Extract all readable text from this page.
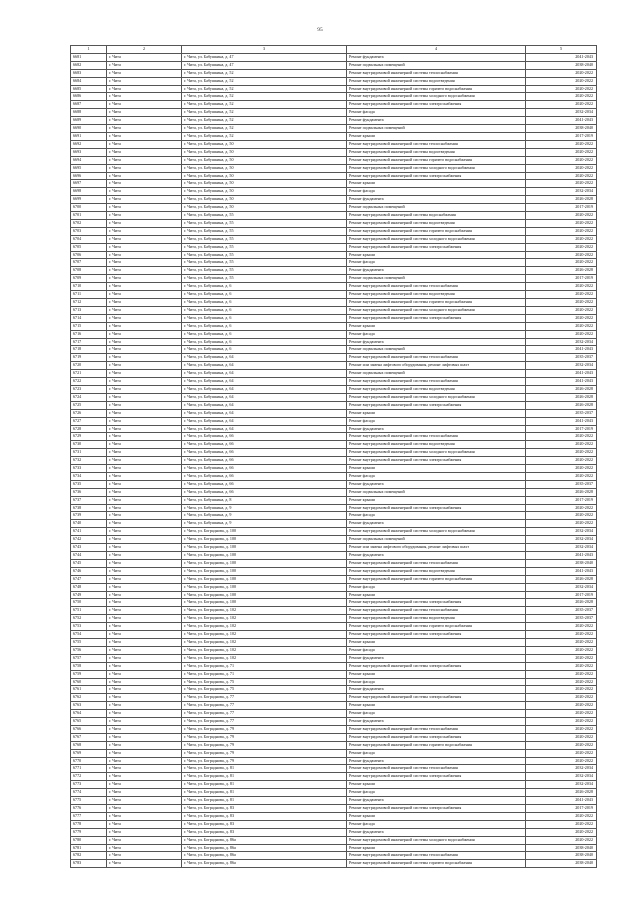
95
1	2	3	4	5
6681	г. Чита	г. Чита, ул. Бабушкина, д. 47	Ремонт фундамента	2041-2043
6682	г. Чита	г. Чита, ул. Бабушкина, д. 47	Ремонт подвальных помещений	2038-2040
6683	г. Чита	г. Чита, ул. Бабушкина, д. 52	Ремонт внутридомовой инженерной системы теплоснабжения	2020-2022
6684	г. Чита	г. Чита, ул. Бабушкина, д. 52	Ремонт внутридомовой инженерной системы водоотведения	2020-2022
6685	г. Чита	г. Чита, ул. Бабушкина, д. 52	Ремонт внутридомовой инженерной системы горячего водоснабжения	2020-2022
6686	г. Чита	г. Чита, ул. Бабушкина, д. 52	Ремонт внутридомовой инженерной системы холодного водоснабжения	2020-2022
6687	г. Чита	г. Чита, ул. Бабушкина, д. 52	Ремонт внутридомовой инженерной системы электроснабжения	2020-2022
6688	г. Чита	г. Чита, ул. Бабушкина, д. 52	Ремонт фасада	2032-2034
6689	г. Чита	г. Чита, ул. Бабушкина, д. 52	Ремонт фундамента	2041-2043
6690	г. Чита	г. Чита, ул. Бабушкина, д. 52	Ремонт подвальных помещений	2038-2040
6691	г. Чита	г. Чита, ул. Бабушкина, д. 52	Ремонт крыши	2017-2019
6692	г. Чита	г. Чита, ул. Бабушкина, д. 50	Ремонт внутридомовой инженерной системы теплоснабжения	2020-2022
6693	г. Чита	г. Чита, ул. Бабушкина, д. 50	Ремонт внутридомовой инженерной системы водоотведения	2020-2022
6694	г. Чита	г. Чита, ул. Бабушкина, д. 50	Ремонт внутридомовой инженерной системы горячего водоснабжения	2020-2022
6695	г. Чита	г. Чита, ул. Бабушкина, д. 50	Ремонт внутридомовой инженерной системы холодного водоснабжения	2020-2022
6696	г. Чита	г. Чита, ул. Бабушкина, д. 50	Ремонт внутридомовой инженерной системы электроснабжения	2020-2022
6697	г. Чита	г. Чита, ул. Бабушкина, д. 50	Ремонт крыши	2020-2022
6698	г. Чита	г. Чита, ул. Бабушкина, д. 50	Ремонт фасада	2032-2034
6699	г. Чита	г. Чита, ул. Бабушкина, д. 50	Ремонт фундамента	2026-2028
6700	г. Чита	г. Чита, ул. Бабушкина, д. 50	Ремонт подвальных помещений	2017-2019
6701	г. Чита	г. Чита, ул. Бабушкина, д. 55	Ремонт внутридомовой инженерной системы водоснабжения	2020-2022
6702	г. Чита	г. Чита, ул. Бабушкина, д. 55	Ремонт внутридомовой инженерной системы водоотведения	2020-2022
6703	г. Чита	г. Чита, ул. Бабушкина, д. 55	Ремонт внутридомовой инженерной системы горячего водоснабжения	2020-2022
6704	г. Чита	г. Чита, ул. Бабушкина, д. 55	Ремонт внутридомовой инженерной системы холодного водоснабжения	2020-2022
6705	г. Чита	г. Чита, ул. Бабушкина, д. 55	Ремонт внутридомовой инженерной системы электроснабжения	2020-2022
6706	г. Чита	г. Чита, ул. Бабушкина, д. 55	Ремонт крыши	2020-2022
6707	г. Чита	г. Чита, ул. Бабушкина, д. 55	Ремонт фасада	2020-2022
6708	г. Чита	г. Чита, ул. Бабушкина, д. 55	Ремонт фундамента	2026-2028
6709	г. Чита	г. Чита, ул. Бабушкина, д. 55	Ремонт подвальных помещений	2017-2019
6710	г. Чита	г. Чита, ул. Бабушкина, д. 6	Ремонт внутридомовой инженерной системы теплоснабжения	2020-2022
6711	г. Чита	г. Чита, ул. Бабушкина, д. 6	Ремонт внутридомовой инженерной системы водоотведения	2020-2022
6712	г. Чита	г. Чита, ул. Бабушкина, д. 6	Ремонт внутридомовой инженерной системы горячего водоснабжения	2020-2022
6713	г. Чита	г. Чита, ул. Бабушкина, д. 6	Ремонт внутридомовой инженерной системы холодного водоснабжения	2020-2022
6714	г. Чита	г. Чита, ул. Бабушкина, д. 6	Ремонт внутридомовой инженерной системы электроснабжения	2020-2022
6715	г. Чита	г. Чита, ул. Бабушкина, д. 6	Ремонт крыши	2020-2022
6716	г. Чита	г. Чита, ул. Бабушкина, д. 6	Ремонт фасада	2020-2022
6717	г. Чита	г. Чита, ул. Бабушкина, д. 6	Ремонт фундамента	2032-2034
6718	г. Чита	г. Чита, ул. Бабушкина, д. 6	Ремонт подвальных помещений	2041-2043
6719	г. Чита	г. Чита, ул. Бабушкина, д. 64	Ремонт внутридомовой инженерной системы теплоснабжения	2035-2037
6720	г. Чита	г. Чита, ул. Бабушкина, д. 64	Ремонт или замена лифтового оборудования, ремонт лифтовых шахт	2032-2034
6721	г. Чита	г. Чита, ул. Бабушкина, д. 64	Ремонт подвальных помещений	2041-2043
6722	г. Чита	г. Чита, ул. Бабушкина, д. 64	Ремонт внутридомовой инженерной системы теплоснабжения	2041-2043
6723	г. Чита	г. Чита, ул. Бабушкина, д. 64	Ремонт внутридомовой инженерной системы водоотведения	2026-2028
6724	г. Чита	г. Чита, ул. Бабушкина, д. 64	Ремонт внутридомовой инженерной системы холодного водоснабжения	2026-2028
6725	г. Чита	г. Чита, ул. Бабушкина, д. 64	Ремонт внутридомовой инженерной системы электроснабжения	2026-2028
6726	г. Чита	г. Чита, ул. Бабушкина, д. 64	Ремонт крыши	2035-2037
6727	г. Чита	г. Чита, ул. Бабушкина, д. 64	Ремонт фасада	2041-2043
6728	г. Чита	г. Чита, ул. Бабушкина, д. 64	Ремонт фундамента	2017-2019
6729	г. Чита	г. Чита, ул. Бабушкина, д. 66	Ремонт внутридомовой инженерной системы теплоснабжения	2020-2022
6730	г. Чита	г. Чита, ул. Бабушкина, д. 66	Ремонт внутридомовой инженерной системы водоотведения	2020-2022
6731	г. Чита	г. Чита, ул. Бабушкина, д. 66	Ремонт внутридомовой инженерной системы холодного водоснабжения	2020-2022
6732	г. Чита	г. Чита, ул. Бабушкина, д. 66	Ремонт внутридомовой инженерной системы электроснабжения	2020-2022
6733	г. Чита	г. Чита, ул. Бабушкина, д. 66	Ремонт крыши	2020-2022
6734	г. Чита	г. Чита, ул. Бабушкина, д. 66	Ремонт фасада	2020-2022
6735	г. Чита	г. Чита, ул. Бабушкина, д. 66	Ремонт фундамента	2035-2037
6736	г. Чита	г. Чита, ул. Бабушкина, д. 66	Ремонт подвальных помещений	2026-2028
6737	г. Чита	г. Чита, ул. Бабушкина, д. 8	Ремонт крыши	2017-2019
6738	г. Чита	г. Чита, ул. Бабушкина, д. 9	Ремонт внутридомовой инженерной системы электроснабжения	2020-2022
6739	г. Чита	г. Чита, ул. Бабушкина, д. 9	Ремонт фасада	2020-2022
6740	г. Чита	г. Чита, ул. Бабушкина, д. 9	Ремонт фундамента	2020-2022
6741	г. Чита	г. Чита, ул. Бограднова, д. 100	Ремонт внутридомовой инженерной системы холодного водоснабжения	2032-2034
6742	г. Чита	г. Чита, ул. Бограднова, д. 100	Ремонт подвальных помещений	2032-2034
6743	г. Чита	г. Чита, ул. Бограднова, д. 100	Ремонт или замена лифтового оборудования, ремонт лифтовых шахт	2032-2034
6744	г. Чита	г. Чита, ул. Бограднова, д. 100	Ремонт фундамента	2041-2043
6745	г. Чита	г. Чита, ул. Бограднова, д. 100	Ремонт внутридомовой инженерной системы теплоснабжения	2038-2040
6746	г. Чита	г. Чита, ул. Бограднова, д. 100	Ремонт внутридомовой инженерной системы водоотведения	2041-2043
6747	г. Чита	г. Чита, ул. Бограднова, д. 100	Ремонт внутридомовой инженерной системы горячего водоснабжения	2026-2028
6748	г. Чита	г. Чита, ул. Бограднова, д. 100	Ремонт фасада	2032-2034
6749	г. Чита	г. Чита, ул. Бограднова, д. 100	Ремонт крыши	2017-2019
6750	г. Чита	г. Чита, ул. Бограднова, д. 100	Ремонт внутридомовой инженерной системы электроснабжения	2026-2028
6751	г. Чита	г. Чита, ул. Бограднова, д. 102	Ремонт внутридомовой инженерной системы теплоснабжения	2035-2037
6752	г. Чита	г. Чита, ул. Бограднова, д. 102	Ремонт внутридомовой инженерной системы водоотведения	2035-2037
6753	г. Чита	г. Чита, ул. Бограднова, д. 102	Ремонт внутридомовой инженерной системы горячего водоснабжения	2020-2022
6754	г. Чита	г. Чита, ул. Бограднова, д. 102	Ремонт внутридомовой инженерной системы электроснабжения	2020-2022
6755	г. Чита	г. Чита, ул. Бограднова, д. 102	Ремонт крыши	2020-2022
6756	г. Чита	г. Чита, ул. Бограднова, д. 102	Ремонт фасада	2020-2022
6757	г. Чита	г. Чита, ул. Бограднова, д. 102	Ремонт фундамента	2020-2022
6758	г. Чита	г. Чита, ул. Бограднова, д. 71	Ремонт внутридомовой инженерной системы электроснабжения	2020-2022
6759	г. Чита	г. Чита, ул. Бограднова, д. 71	Ремонт крыши	2020-2022
6760	г. Чита	г. Чита, ул. Бограднова, д. 75	Ремонт фасада	2020-2022
6761	г. Чита	г. Чита, ул. Бограднова, д. 75	Ремонт фундамента	2020-2022
6762	г. Чита	г. Чита, ул. Бограднова, д. 77	Ремонт внутридомовой инженерной системы электроснабжения	2020-2022
6763	г. Чита	г. Чита, ул. Бограднова, д. 77	Ремонт крыши	2020-2022
6764	г. Чита	г. Чита, ул. Бограднова, д. 77	Ремонт фасада	2020-2022
6765	г. Чита	г. Чита, ул. Бограднова, д. 77	Ремонт фундамента	2020-2022
6766	г. Чита	г. Чита, ул. Бограднова, д. 79	Ремонт внутридомовой инженерной системы теплоснабжения	2020-2022
6767	г. Чита	г. Чита, ул. Бограднова, д. 79	Ремонт внутридомовой инженерной системы электроснабжения	2020-2022
6768	г. Чита	г. Чита, ул. Бограднова, д. 79	Ремонт внутридомовой инженерной системы горячего водоснабжения	2020-2022
6769	г. Чита	г. Чита, ул. Бограднова, д. 79	Ремонт фасада	2020-2022
6770	г. Чита	г. Чита, ул. Бограднова, д. 79	Ремонт фундамента	2020-2022
6771	г. Чита	г. Чита, ул. Бограднова, д. 81	Ремонт внутридомовой инженерной системы теплоснабжения	2032-2034
6772	г. Чита	г. Чита, ул. Бограднова, д. 81	Ремонт внутридомовой инженерной системы электроснабжения	2032-2034
6773	г. Чита	г. Чита, ул. Бограднова, д. 81	Ремонт крыши	2032-2034
6774	г. Чита	г. Чита, ул. Бограднова, д. 81	Ремонт фасада	2026-2028
6775	г. Чита	г. Чита, ул. Бограднова, д. 81	Ремонт фундамента	2041-2043
6776	г. Чита	г. Чита, ул. Бограднова, д. 83	Ремонт внутридомовой инженерной системы электроснабжения	2017-2019
6777	г. Чита	г. Чита, ул. Бограднова, д. 83	Ремонт крыши	2020-2022
6778	г. Чита	г. Чита, ул. Бограднова, д. 83	Ремонт фасада	2020-2022
6779	г. Чита	г. Чита, ул. Бограднова, д. 83	Ремонт фундамента	2020-2022
6780	г. Чита	г. Чита, ул. Бограднова, д. 86а	Ремонт внутридомовой инженерной системы холодного водоснабжения	2020-2022
6781	г. Чита	г. Чита, ул. Бограднова, д. 86а	Ремонт крыши	2038-2040
6782	г. Чита	г. Чита, ул. Бограднова, д. 86а	Ремонт внутридомовой инженерной системы теплоснабжения	2038-2040
6783	г. Чита	г. Чита, ул. Бограднова, д. 86а	Ремонт внутридомовой инженерной системы горячего водоснабжения	2038-2040
